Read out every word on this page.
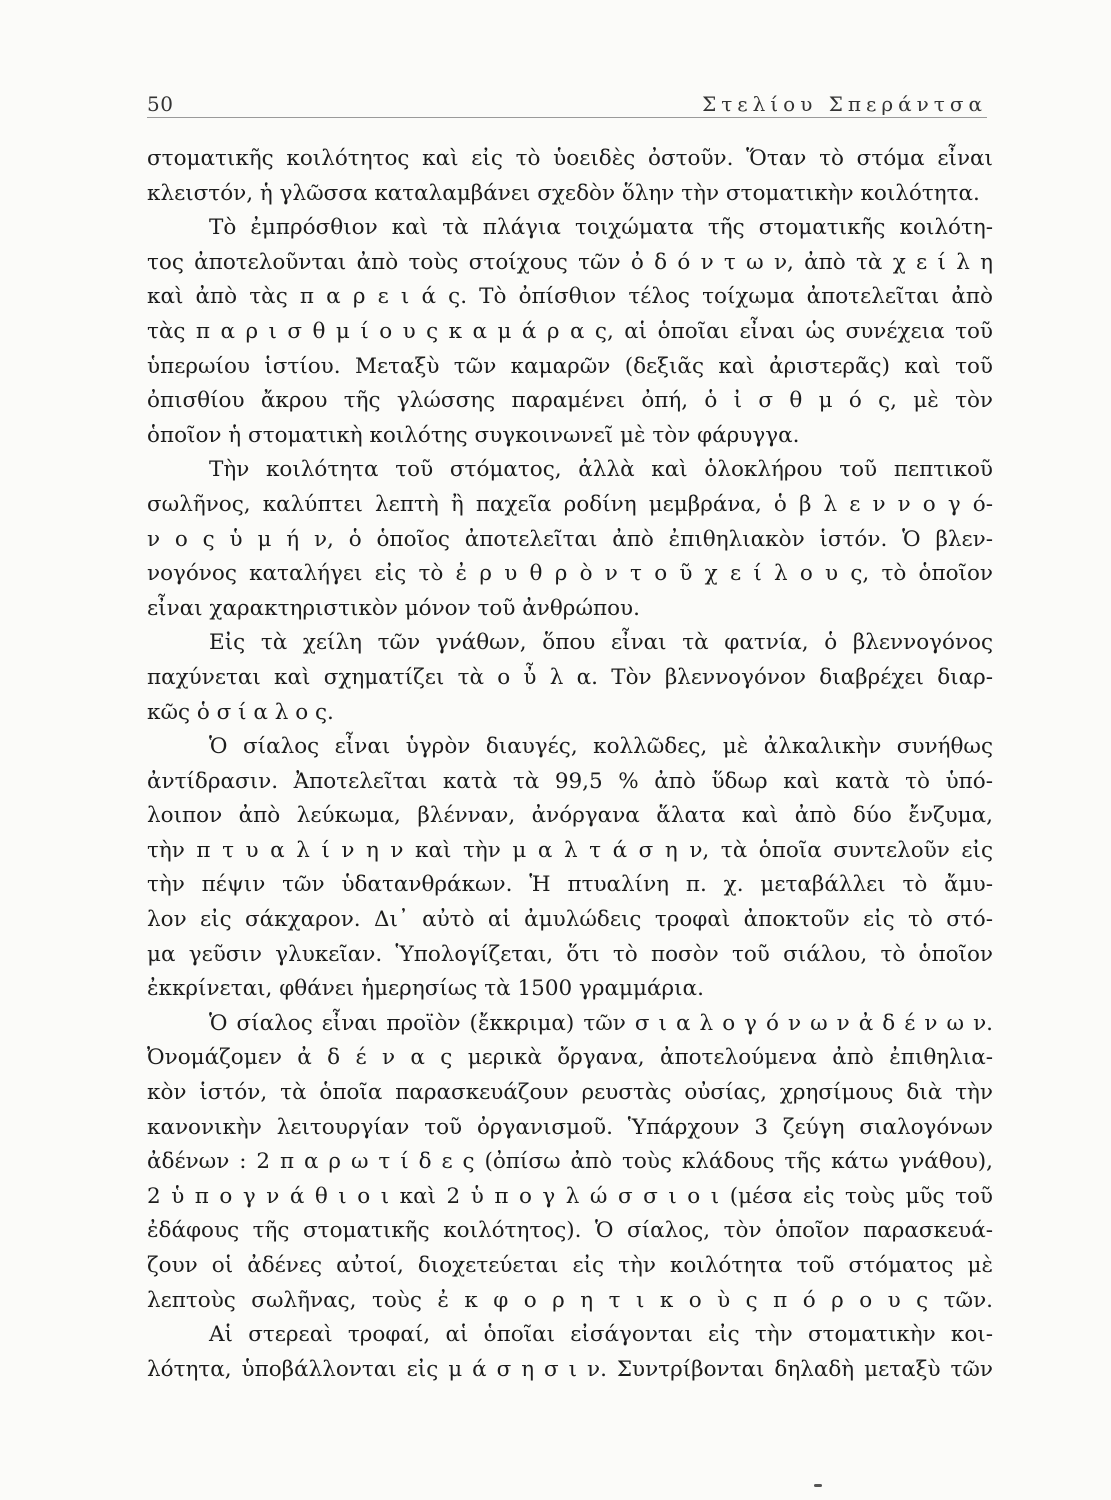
50	Στελίου Σπεράντσα
στοματικῆς κοιλότητος καὶ εἰς τὸ ὑοειδὲς ὀστοῦν. Ὅταν τὸ στόμα εἶναι
κλειστόν, ἡ γλῶσσα καταλαμβάνει σχεδὸν ὅλην τὴν στοματικὴν κοιλότητα.
Τὸ ἐμπρόσθιον καὶ τὰ πλάγια τοιχώματα τῆς στοματικῆς κοιλότη-
τος ἀποτελοῦνται ἀπὸ τοὺς στοίχους τῶν ὀ δ ό ν τ ω ν, ἀπὸ τὰ χ ε ί λ η
καὶ ἀπὸ τὰς π α ρ ε ι ά ς. Τὸ ὀπίσθιον τέλος τοίχωμα ἀποτελεῖται ἀπὸ
τὰς π α ρ ι σ θ μ ί ο υ ς κ α μ ά ρ α ς, αἱ ὁποῖαι εἶναι ὡς συνέχεια τοῦ
ὑπερωίου ἱστίου. Μεταξὺ τῶν καμαρῶν (δεξιᾶς καὶ ἀριστερᾶς) καὶ τοῦ
ὀπισθίου ἄκρου τῆς γλώσσης παραμένει ὀπή, ὁ ἰ σ θ μ ό ς, μὲ τὸν
ὁποῖον ἡ στοματικὴ κοιλότης συγκοινωνεῖ μὲ τὸν φάρυγγα.
Τὴν κοιλότητα τοῦ στόματος, ἀλλὰ καὶ ὁλοκλήρου τοῦ πεπτικοῦ
σωλῆνος, καλύπτει λεπτὴ ἢ παχεῖα ροδίνη μεμβράνα, ὁ β λ ε ν ν ο γ ό-
ν ο ς ὑ μ ή ν, ὁ ὁποῖος ἀποτελεῖται ἀπὸ ἐπιθηλιακὸν ἱστόν. Ὁ βλεν-
νογόνος καταλήγει εἰς τὸ ἐ ρ υ θ ρ ὸ ν τ ο ῦ χ ε ί λ ο υ ς, τὸ ὁποῖον
εἶναι χαρακτηριστικὸν μόνον τοῦ ἀνθρώπου.
Εἰς τὰ χείλη τῶν γνάθων, ὅπου εἶναι τὰ φατνία, ὁ βλεννογόνος
παχύνεται καὶ σχηματίζει τὰ ο ὖ λ α. Τὸν βλεννογόνον διαβρέχει διαρ-
κῶς ὁ σ ί α λ ο ς.
Ὁ σίαλος εἶναι ὑγρὸν διαυγές, κολλῶδες, μὲ ἀλκαλικὴν συνήθως
ἀντίδρασιν. Ἀποτελεῖται κατὰ τὰ 99,5 % ἀπὸ ὕδωρ καὶ κατὰ τὸ ὑπό-
λοιπον ἀπὸ λεύκωμα, βλένναν, ἀνόργανα ἅλατα καὶ ἀπὸ δύο ἔνζυμα,
τὴν π τ υ α λ ί ν η ν καὶ τὴν μ α λ τ ά σ η ν, τὰ ὁποῖα συντελοῦν εἰς
τὴν πέψιν τῶν ὑδατανθράκων. Ἡ πτυαλίνη π. χ. μεταβάλλει τὸ ἄμυ-
λον εἰς σάκχαρον. Δι᾽ αὐτὸ αἱ ἀμυλώδεις τροφαὶ ἀποκτοῦν εἰς τὸ στό-
μα γεῦσιν γλυκεῖαν. Ὑπολογίζεται, ὅτι τὸ ποσὸν τοῦ σιάλου, τὸ ὁποῖον
ἐκκρίνεται, φθάνει ἡμερησίως τὰ 1500 γραμμάρια.
Ὁ σίαλος εἶναι προϊὸν (ἔκκριμα) τῶν σ ι α λ ο γ ό ν ω ν ἀ δ έ ν ω ν.
Ὀνομάζομεν ἀ δ έ ν α ς μερικὰ ὄργανα, ἀποτελούμενα ἀπὸ ἐπιθηλια-
κὸν ἱστόν, τὰ ὁποῖα παρασκευάζουν ρευστὰς οὐσίας, χρησίμους διὰ τὴν
κανονικὴν λειτουργίαν τοῦ ὀργανισμοῦ. Ὑπάρχουν 3 ζεύγη σιαλογόνων
ἀδένων : 2 π α ρ ω τ ί δ ε ς (ὀπίσω ἀπὸ τοὺς κλάδους τῆς κάτω γνάθου),
2 ὑ π ο γ ν ά θ ι ο ι καὶ 2 ὑ π ο γ λ ώ σ σ ι ο ι (μέσα εἰς τοὺς μῦς τοῦ
ἐδάφους τῆς στοματικῆς κοιλότητος). Ὁ σίαλος, τὸν ὁποῖον παρασκευά-
ζουν οἱ ἀδένες αὐτοί, διοχετεύεται εἰς τὴν κοιλότητα τοῦ στόματος μὲ
λεπτοὺς σωλῆνας, τοὺς ἐ κ φ ο ρ η τ ι κ ο ὺ ς π ό ρ ο υ ς τῶν.
Αἱ στερεαὶ τροφαί, αἱ ὁποῖαι εἰσάγονται εἰς τὴν στοματικὴν κοι-
λότητα, ὑποβάλλονται εἰς μ ά σ η σ ι ν. Συντρίβονται δηλαδὴ μεταξὺ τῶν
